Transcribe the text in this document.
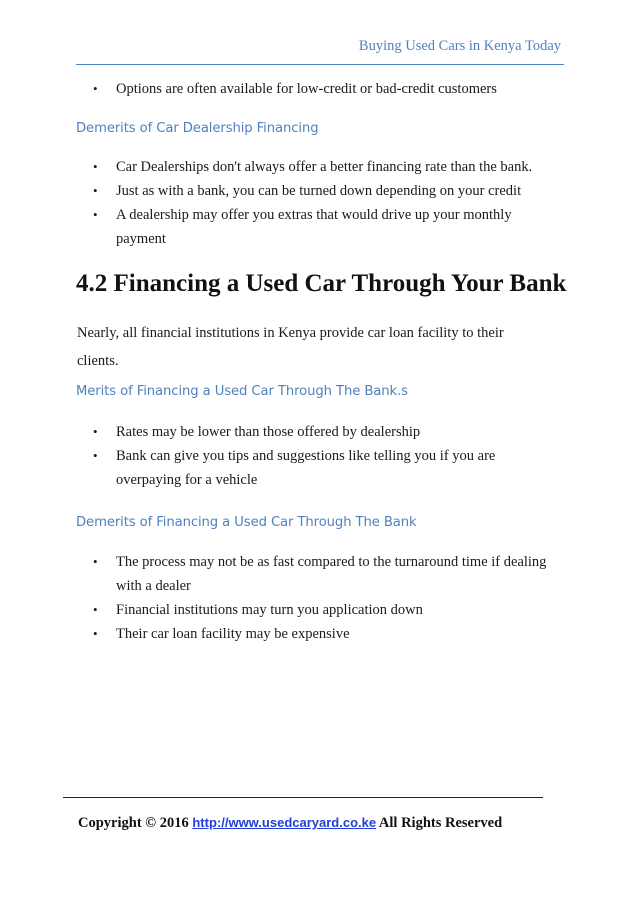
Buying Used Cars in Kenya Today
• Options are often available for low-credit or bad-credit customers
Demerits of Car Dealership Financing
• Car Dealerships don't always offer a better financing rate than the bank.
• Just as with a bank, you can be turned down depending on your credit
• A dealership may offer you extras that would drive up your monthly payment
4.2 Financing a Used Car Through Your Bank
Nearly, all financial institutions in Kenya provide car loan facility to their clients.
Merits of Financing a Used Car Through The Bank.s
• Rates may be lower than those offered by dealership
• Bank can give you tips and suggestions like telling you if you are overpaying for a vehicle
Demerits of Financing a Used Car Through The Bank
• The process may not be as fast compared to the turnaround time if dealing with a dealer
• Financial institutions may turn you application down
• Their car loan facility may be expensive
Copyright © 2016 http://www.usedcaryard.co.ke All Rights Reserved
